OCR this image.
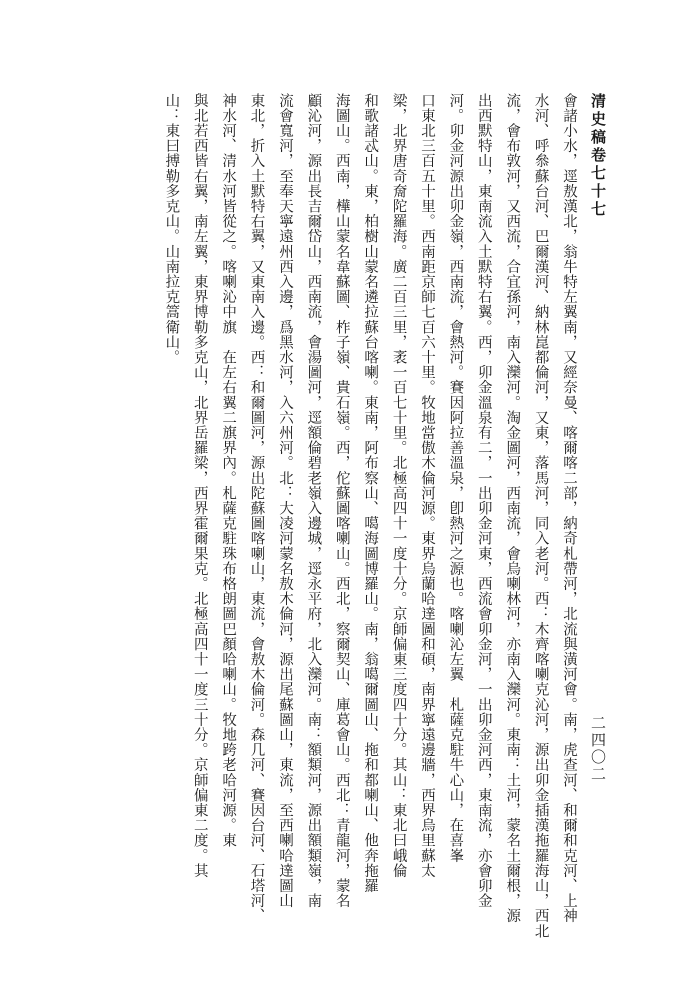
清史稿卷七十七
二四〇二
會諸小水，逕敖漢北，翁牛特左翼南，又經奈曼、喀爾喀二部，納奇札帶河，北流與潢河會。南，虎查河、和爾和克河、上神
水河、呼叅蘇台河、巴爾漢河、納林崑都倫河，又東，落馬河，同入老河。西：木齊喀喇克沁河，源出卯金插漢拖羅海山，西北
流，會布敦河，又西流，合宜孫河，南入灤河。淘金圖河，西南流，會烏喇林河，亦南入灤河。東南：土河，蒙名土爾根，源
出西默特山，東南流入土默特右翼。西，卯金溫泉有二，一出卯金河東，西流會卯金河，一出卯金河西，東南流，亦會卯金
河。卯金河源出卯金嶺，西南流，會熱河。賽因阿拉善溫泉，卽熱河之源也。喀喇沁左翼　札薩克駐牛心山，在喜峯
口東北三百五十里。西南距京師七百六十里。牧地當傲木倫河源。東界烏蘭哈達圖和碩，南界寧遠邊牆，西界烏里蘇太
梁，北界唐奇奝陀羅海。廣二百三里，袤一百七十里。北極高四十一度十分。京師偏東三度四十分。其山：東北曰峨倫
和歌諸忒山。東，柏樹山蒙名遴拉蘇台喀喇。東南，阿布察山、噶海圖博羅山。南，翁噶爾圖山、拖和都喇山、他奔拖羅
海圖山。西南，樺山蒙名韋蘇圖、柞子嶺、貴石嶺。西，佗蘇圖喀喇山。西北，察爾契山、庫葛會山。西北：青龍河，蒙名
顧沁河，源出長吉爾岱山，西南流，會湯圖河，逕額倫碧老嶺入邊城，逕永平府，北入灤河。南：額類河，源出額類嶺，南
流會寬河，至奉天寧遠州西入邊，爲黑水河，入六州河。北：大凌河蒙名敖木倫河，源出尾蘇圖山，東流，至西喇哈達圖山
東北，折入土默特右翼，又東南入邊。西：和爾圖河，源出陀蘇圖喀喇山，東流，會敖木倫河。森几河、賽因台河、石塔河、
神水河、清水河皆從之。喀喇沁中旗　在左右翼二旗界內。札薩克駐珠布格朗圖巴顏哈喇山。牧地跨老哈河源。東
與北若西皆右翼，南左翼，東界博勒多克山，北界岳羅梁，西界霍爾果克。北極高四十一度三十分。京師偏東二度。其
山：東曰搏勒多克山。山南拉克篙衛山。
